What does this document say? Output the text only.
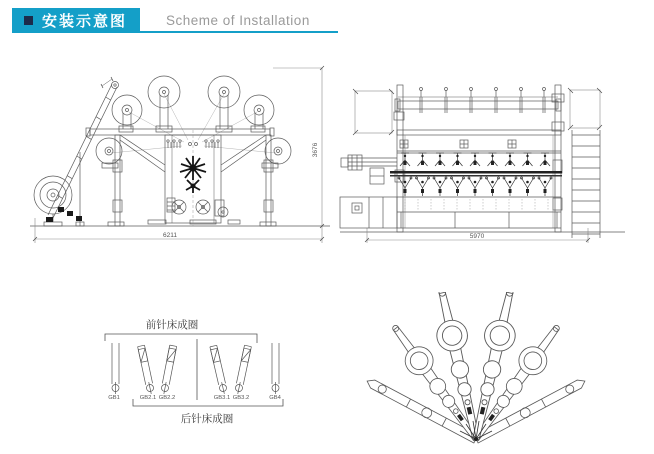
安装示意图	Scheme of Installation
6211
3676
5970
前针床成圈
后针床成圈
GB1	GB2.1 GB2.2	GB3.1 GB3.2	GB4
